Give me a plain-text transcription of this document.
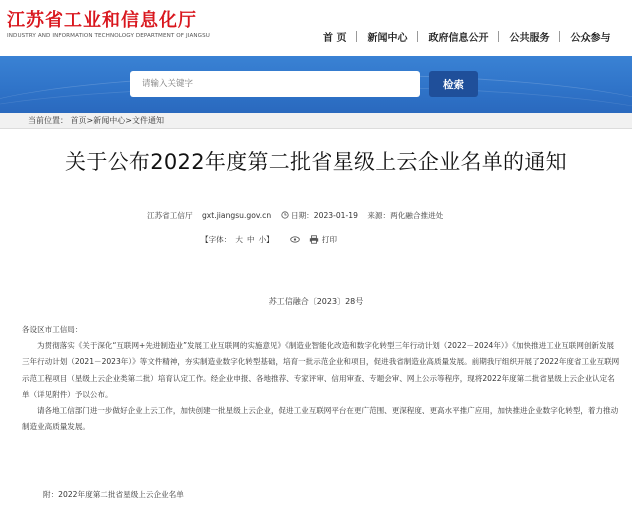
江苏省工业和信息化厅
INDUSTRY AND INFORMATION TECHNOLOGY DEPARTMENT OF JIANGSU	首 页	新闻中心	政府信息公开	公共服务	公众参与
请输入关键字
检索
当前位置： 首页>新闻中心>文件通知
关于公布2022年度第二批省星级上云企业名单的通知
江苏省工信厅 gxt.jiangsu.gov.cn	日期：2023-01-19 来源：两化融合推进处
【字体： 大 中 小】	打印
苏工信融合〔2023〕28号

各设区市工信局：

为贯彻落实《关于深化“互联网+先进制造业”发展工业互联网的实施意见》《制造业智能化改造和数字化转型三年行动计划（2022－2024年）》《加快推进工业互联网创新发展三年行动计划（2021－2023年）》等文件精神，夯实制造业数字化转型基础，培育一批示范企业和项目，促进我省制造业高质量发展。前期我厅组织开展了2022年度省工业互联网示范工程项目（星级上云企业类第二批）培育认定工作。经企业申报、各地推荐、专家评审、信用审查、专题会审、网上公示等程序，现将2022年度第二批省星级上云企业认定名单（详见附件）予以公布。

请各地工信部门进一步做好企业上云工作，加快创建一批星级上云企业，促进工业互联网平台在更广范围、更深程度、更高水平推广应用，加快推进企业数字化转型，着力推动制造业高质量发展。

附：2022年度第二批省星级上云企业名单
